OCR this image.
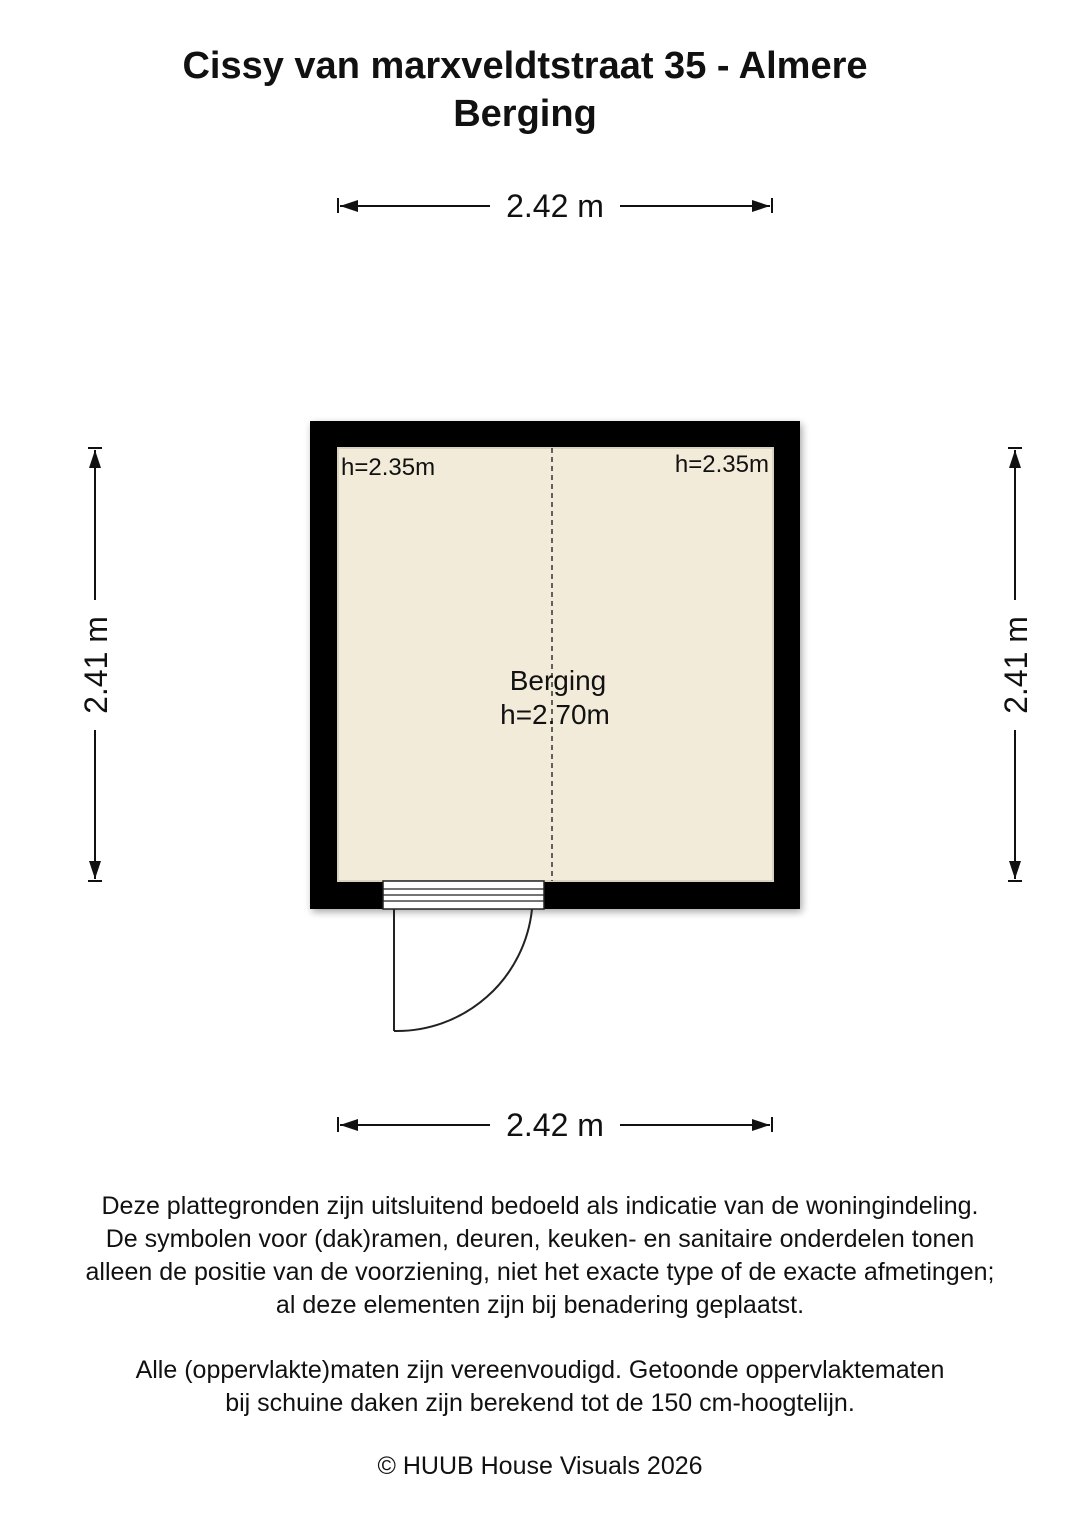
Cissy van marxveldtstraat 35 - Almere
Berging
2.42 m
2.42 m
2.41 m	2.41 m
h=2.35m	h=2.35m
Berging
h=2.70m
Deze plattegronden zijn uitsluitend bedoeld als indicatie van de woningindeling.
De symbolen voor (dak)ramen, deuren, keuken- en sanitaire onderdelen tonen
alleen de positie van de voorziening, niet het exacte type of de exacte afmetingen;
al deze elementen zijn bij benadering geplaatst.
Alle (oppervlakte)maten zijn vereenvoudigd. Getoonde oppervlaktematen
bij schuine daken zijn berekend tot de 150 cm-hoogtelijn.
© HUUB House Visuals 2026
